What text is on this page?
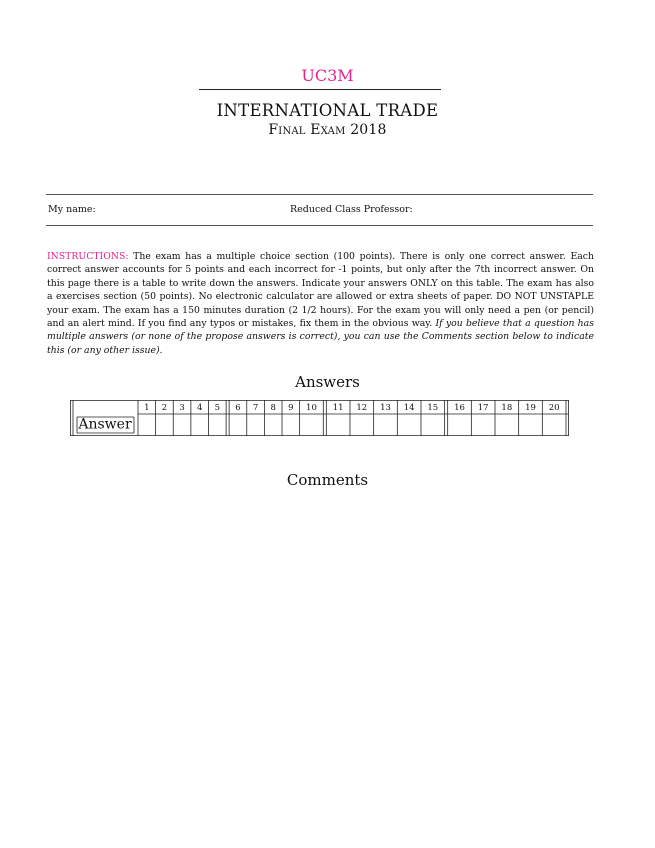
UC3M
INTERNATIONAL TRADE
Final Exam 2018
My name:	Reduced Class Professor:
INSTRUCTIONS: The exam has a multiple choice section (100 points). There is only one correct answer. Each correct answer accounts for 5 points and each incorrect for -1 points, but only after the 7th incorrect answer. On this page there is a table to write down the answers. Indicate your answers ONLY on this table. The exam has also a exercises section (50 points). No electronic calculator are allowed or extra sheets of paper. DO NOT UNSTAPLE your exam. The exam has a 150 minutes duration (2 1/2 hours). For the exam you will only need a pen (or pencil) and an alert mind. If you find any typos or mistakes, fix them in the obvious way. If you believe that a question has multiple answers (or none of the propose answers is correct), you can use the Comments section below to indicate this (or any other issue).
Answers
1 2 3 4 5 6 7 8 9 10 11 12 13 14 15 16 17 18 19 20
Answer
Comments
